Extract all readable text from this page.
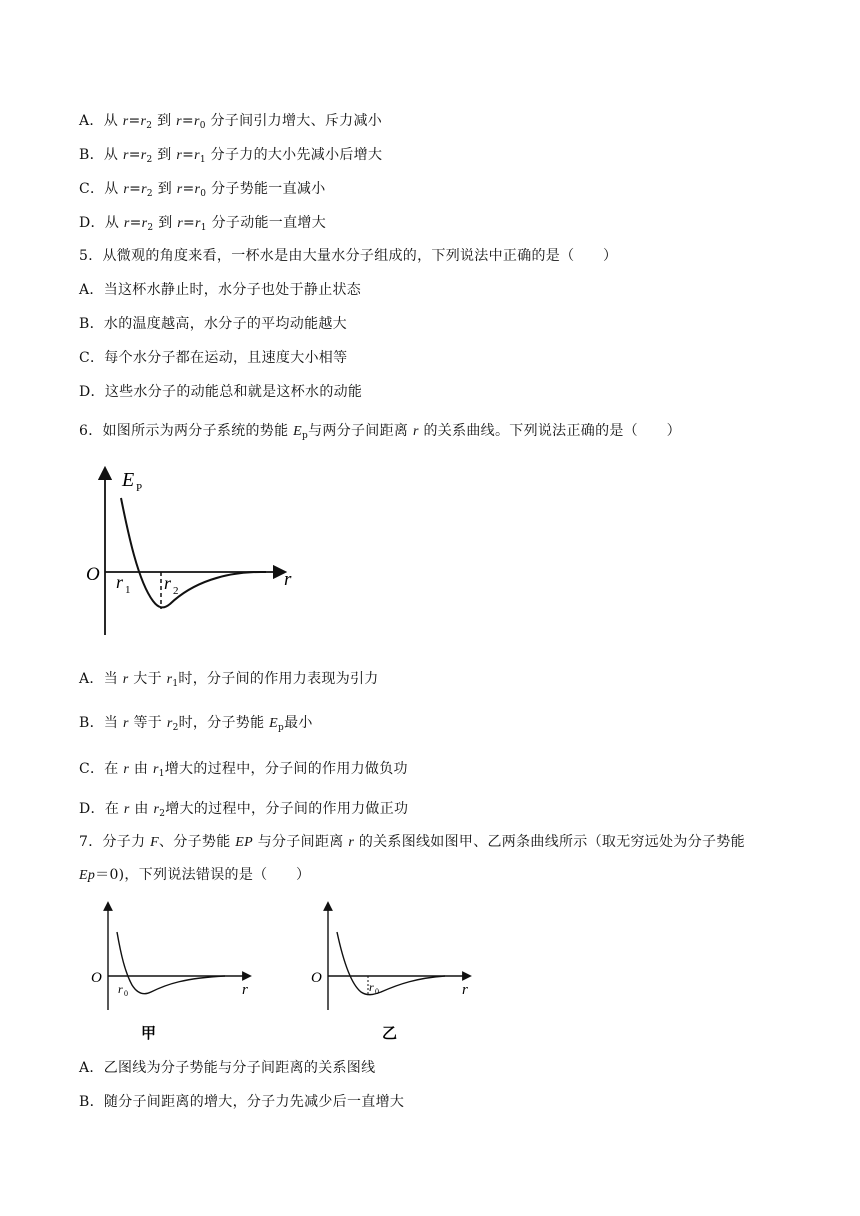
A．从 $r=r_2$ 到 $r=r_0$ 分子间引力增大、斥力减小
B．从 $r=r_2$ 到 $r=r_1$ 分子力的大小先减小后增大
C．从 $r=r_2$ 到 $r=r_0$ 分子势能一直减小
D．从 $r=r_2$ 到 $r=r_1$ 分子动能一直增大
5．从微观的角度来看，一杯水是由大量水分子组成的，下列说法中正确的是（　　）
A．当这杯水静止时，水分子也处于静止状态
B．水的温度越高，水分子的平均动能越大
C．每个水分子都在运动，且速度大小相等
D．这些水分子的动能总和就是这杯水的动能
6．如图所示为两分子系统的势能 $E_p$与两分子间距离 r 的关系曲线。下列说法正确的是（　　）
E P
O	r
r 1 r 2
A．当 r 大于 $r_1$时，分子间的作用力表现为引力
B．当 r 等于 $r_2$时，分子势能 $E_p$最小
C．在 r 由 $r_1$增大的过程中，分子间的作用力做负功
D．在 r 由 $r_2$增大的过程中，分子间的作用力做正功
7．分子力 F、分子势能 EP 与分子间距离 r 的关系图线如图甲、乙两条曲线所示（取无穷远处为分子势能
Ep＝0)，下列说法错误的是（　　）
O
r
r 0
甲
O
r
r 0
乙
A．乙图线为分子势能与分子间距离的关系图线
B．随分子间距离的增大，分子力先减少后一直增大
